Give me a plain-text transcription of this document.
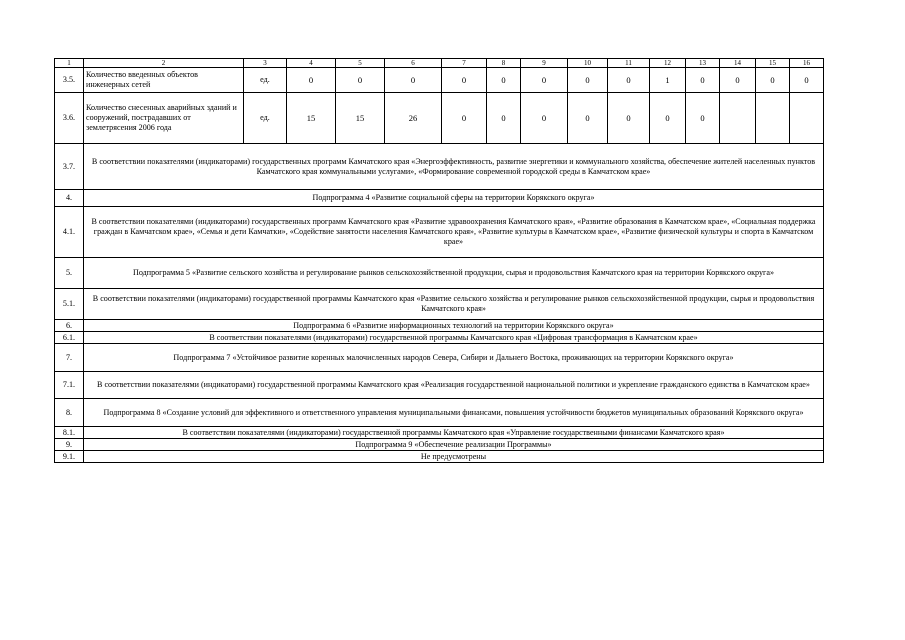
1	2	3	4	5	6	7	8	9	10	11	12	13	14	15	16
3.5.	Количество введенных объектов инженерных сетей	ед.	0	0	0	0	0	0	0	0	1	0	0	0	0
3.6.	Количество снесенных аварийных зданий и сооружений, пострадавших от землетрясения 2006 года	ед.	15	15	26	0	0	0	0	0	0	0			
3.7.	В соответствии показателями (индикаторами) государственных программ Камчатского края «Энергоэффективность, развитие энергетики и коммунального хозяйства, обеспечение жителей населенных пунктов Камчатского края коммунальными услугами», «Формирование современной городской среды в Камчатском крае»														
4.	Подпрограмма 4 «Развитие социальной сферы на территории Корякского округа»														
4.1.	В соответствии показателями (индикаторами) государственных программ Камчатского края «Развитие здравоохранения Камчатского края», «Развитие образования в Камчатском крае», «Социальная поддержка граждан в Камчатском крае», «Семья и дети Камчатки», «Содействие занятости населения Камчатского края», «Развитие культуры в Камчатском крае», «Развитие физической культуры и спорта в Камчатском крае»														
5.	Подпрограмма 5 «Развитие сельского хозяйства и регулирование рынков сельскохозяйственной продукции, сырья и продовольствия Камчатского края на территории Корякского округа»														
5.1.	В соответствии показателями (индикаторами) государственной программы Камчатского края «Развитие сельского хозяйства и регулирование рынков сельскохозяйственной продукции, сырья и продовольствия Камчатского края»														
6.	Подпрограмма 6 «Развитие информационных технологий на территории Корякского округа»														
6.1.	В соответствии показателями (индикаторами) государственной программы Камчатского края «Цифровая трансформация в Камчатском крае»														
7.	Подпрограмма 7 «Устойчивое развитие коренных малочисленных народов Севера, Сибири и Дальнего Востока, проживающих на территории Корякского округа»														
7.1.	В соответствии показателями (индикаторами) государственной программы Камчатского края «Реализация государственной национальной политики и укрепление гражданского единства в Камчатском крае»														
8.	Подпрограмма 8 «Создание условий для эффективного и ответственного управления муниципальными финансами, повышения устойчивости бюджетов муниципальных образований Корякского округа»														
8.1.	В соответствии показателями (индикаторами) государственной программы Камчатского края «Управление государственными финансами Камчатского края»														
9.	Подпрограмма 9 «Обеспечение реализации Программы»														
9.1.	Не предусмотрены														
